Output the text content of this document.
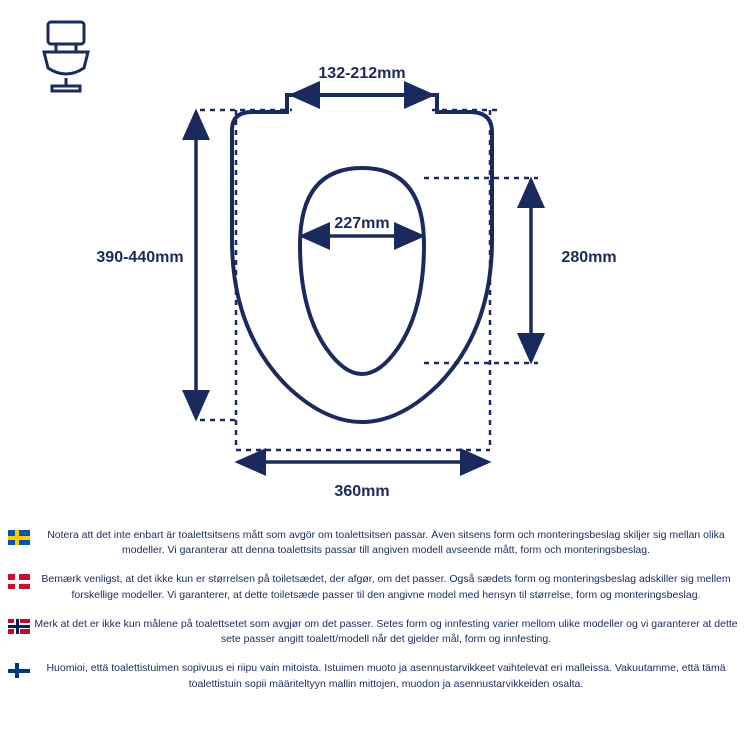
132-212mm
390-440mm
227mm
280mm
360mm
Notera att det inte enbart är toalettsitsens mått som avgör om toalettsitsen passar. Även sitsens form och monteringsbeslag skiljer sig mellan olika modeller. Vi garanterar att denna toalettsits passar till angiven modell avseende mått, form och monteringsbeslag.
Bemærk venligst, at det ikke kun er størrelsen på toiletsædet, der afgør, om det passer. Også sædets form og monteringsbeslag adskiller sig mellem forskellige modeller. Vi garanterer, at dette toiletsæde passer til den angivne model med hensyn til størrelse, form og monteringsbeslag.
Merk at det er ikke kun målene på toalettsetet som avgjør om det passer. Setes form og innfesting varier mellom ulike modeller og vi garanterer at dette sete passer angitt toalett/modell når det gjelder mål, form og innfesting.
Huomioi, että toalettistuimen sopivuus ei riipu vain mitoista. Istuimen muoto ja asennustarvikkeet vaihtelevat eri malleissa. Vakuutamme, että tämä toalettistuin sopii määriteltyyn mallin mittojen, muodon ja asennustarvikkeiden osalta.
